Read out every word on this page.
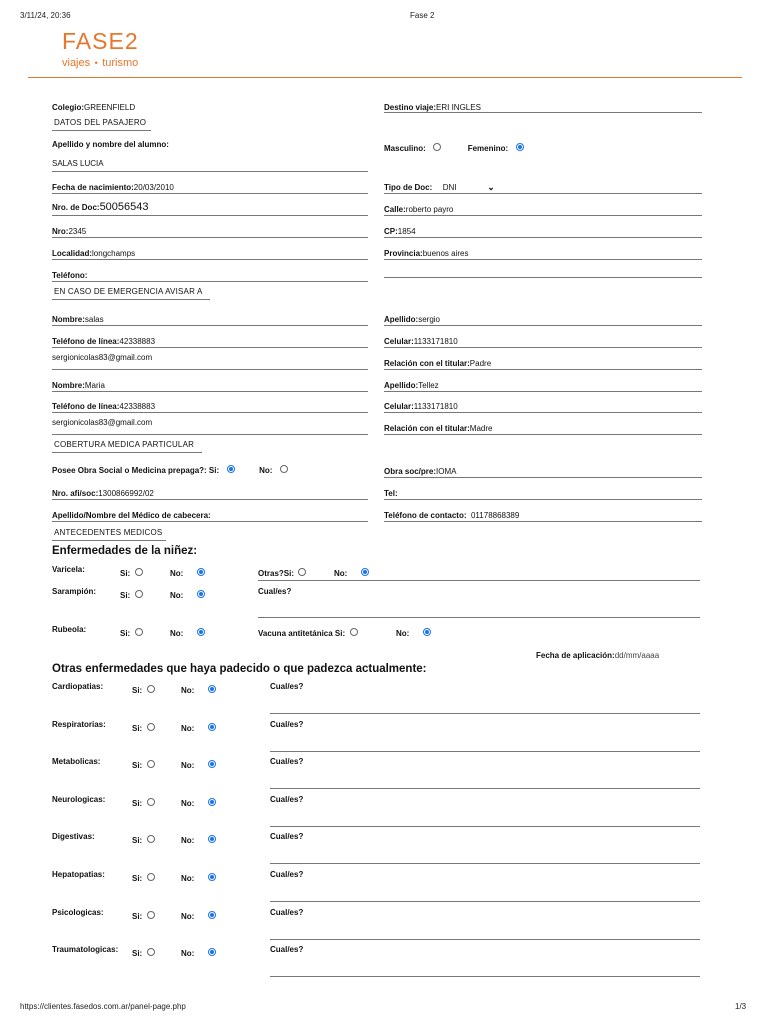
3/11/24, 20:36	Fase 2
FASE2
viajes • turismo
Colegio:GREENFIELD	Destino viaje:ERI INGLES
DATOS DEL PASAJERO
Apellido y nombre del alumno:
SALAS LUCIA
Masculino:	Femenino:
Fecha de nacimiento:20/03/2010	Tipo de Doc: DNI	⌄
Nro. de Doc:50056543	Calle:roberto payro
Nro:2345	CP:1854
Localidad:longchamps	Provincia:buenos aires
Teléfono:
EN CASO DE EMERGENCIA AVISAR A
Nombre:salas	Apellido:sergio
Teléfono de línea:42338883	Celular:1133171810
sergionicolas83@gmail.com
Relación con el titular:Padre
Nombre:Maria	Apellido:Tellez
Teléfono de línea:42338883	Celular:1133171810
sergionicolas83@gmail.com
Relación con el titular:Madre
COBERTURA MEDICA PARTICULAR
Posee Obra Social o Medicina prepaga?: Si:	No:	Obra soc/pre:IOMA
Nro. afi/soc:1300866992/02	Tel:
Apellido/Nombre del Médico de cabecera:	Teléfono de contacto: 01178868389
ANTECEDENTES MEDICOS
Enfermedades de la niñez:
Varicela:	Si:	No:	Otras?Si:	No:
Sarampión:	Si:	No:	Cual/es?
Rubeola:	Si:	No:	Vacuna antitetánica Si:	No:
Fecha de aplicación:dd/mm/aaaa
Otras enfermedades que haya padecido o que padezca actualmente:
Cardiopatias:	Si:	No:	Cual/es?
Respiratorias:	Si:	No:	Cual/es?
Metabolicas:	Si:	No:	Cual/es?
Neurologicas:	Si:	No:	Cual/es?
Digestivas:	Si:	No:	Cual/es?
Hepatopatias:	Si:	No:	Cual/es?
Psicologicas:	Si:	No:	Cual/es?
Traumatologicas: Si:	No:	Cual/es?
https://clientes.fasedos.com.ar/panel-page.php	1/3
